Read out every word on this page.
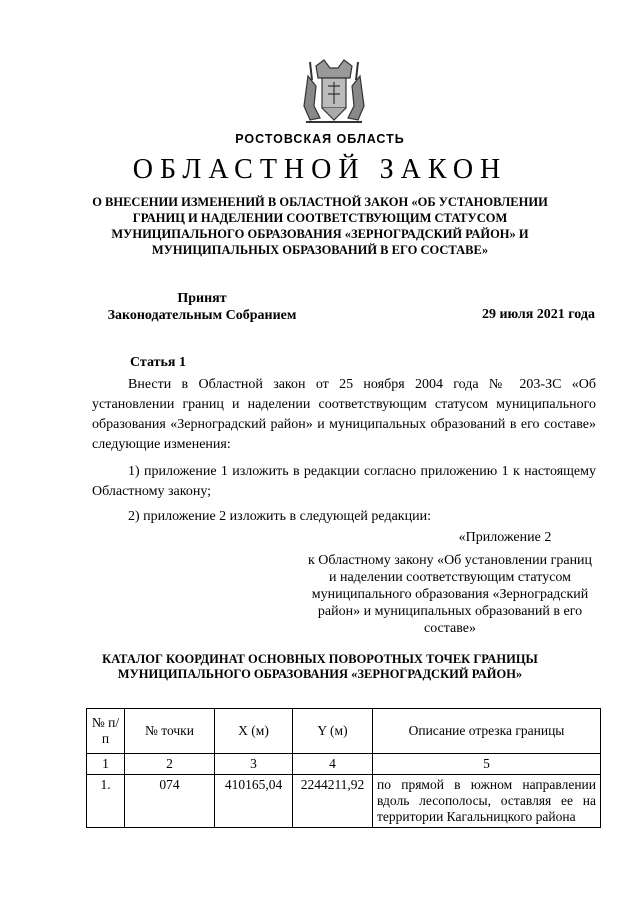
РОСТОВСКАЯ ОБЛАСТЬ
ОБЛАСТНОЙ ЗАКОН
О ВНЕСЕНИИ ИЗМЕНЕНИЙ В ОБЛАСТНОЙ ЗАКОН «ОБ УСТАНОВЛЕНИИ ГРАНИЦ И НАДЕЛЕНИИ СООТВЕТСТВУЮЩИМ СТАТУСОМ МУНИЦИПАЛЬНОГО ОБРАЗОВАНИЯ «ЗЕРНОГРАДСКИЙ РАЙОН» И МУНИЦИПАЛЬНЫХ ОБРАЗОВАНИЙ В ЕГО СОСТАВЕ»
Принят
Законодательным Собранием	29 июля 2021 года
Статья 1

Внести в Областной закон от 25 ноября 2004 года № 203-ЗС «Об установлении границ и наделении соответствующим статусом муниципального образования «Зерноградский район» и муниципальных образований в его составе» следующие изменения:

1) приложение 1 изложить в редакции согласно приложению 1 к настоящему Областному закону;

2) приложение 2 изложить в следующей редакции:

«Приложение 2
к Областному закону «Об установлении границ и наделении соответствующим статусом муниципального образования «Зерноградский район» и муниципальных образований в его составе»
КАТАЛОГ КООРДИНАТ ОСНОВНЫХ ПОВОРОТНЫХ ТОЧЕК ГРАНИЦЫ МУНИЦИПАЛЬНОГО ОБРАЗОВАНИЯ «ЗЕРНОГРАДСКИЙ РАЙОН»
№ п/п	№ точки	X (м)	Y (м)	Описание отрезка границы
1	2	3	4	5
1.	074	410165,04	2244211,92	по прямой в южном направлении вдоль лесополосы, оставляя ее на территории Кагальницкого района
